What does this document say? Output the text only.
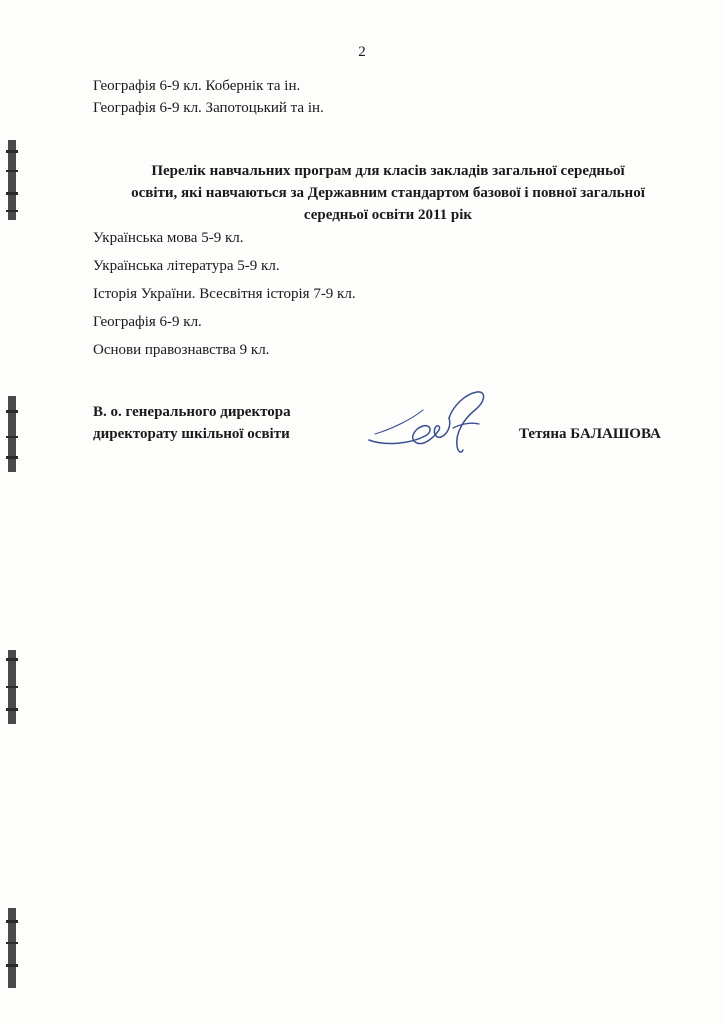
2
Географія 6-9 кл. Кобернік та ін.
Географія 6-9 кл. Запотоцький та ін.
Перелік навчальних програм для класів закладів загальної середньої
освіти, які навчаються за Державним стандартом базової і повної загальної
середньої освіти 2011 рік
Українська мова 5-9 кл.
Українська література 5-9 кл.
Історія України. Всесвітня історія 7-9 кл.
Географія 6-9 кл.
Основи правознавства 9 кл.
В. о. генерального директора
директорату шкільної освіти	Тетяна БАЛАШОВА
